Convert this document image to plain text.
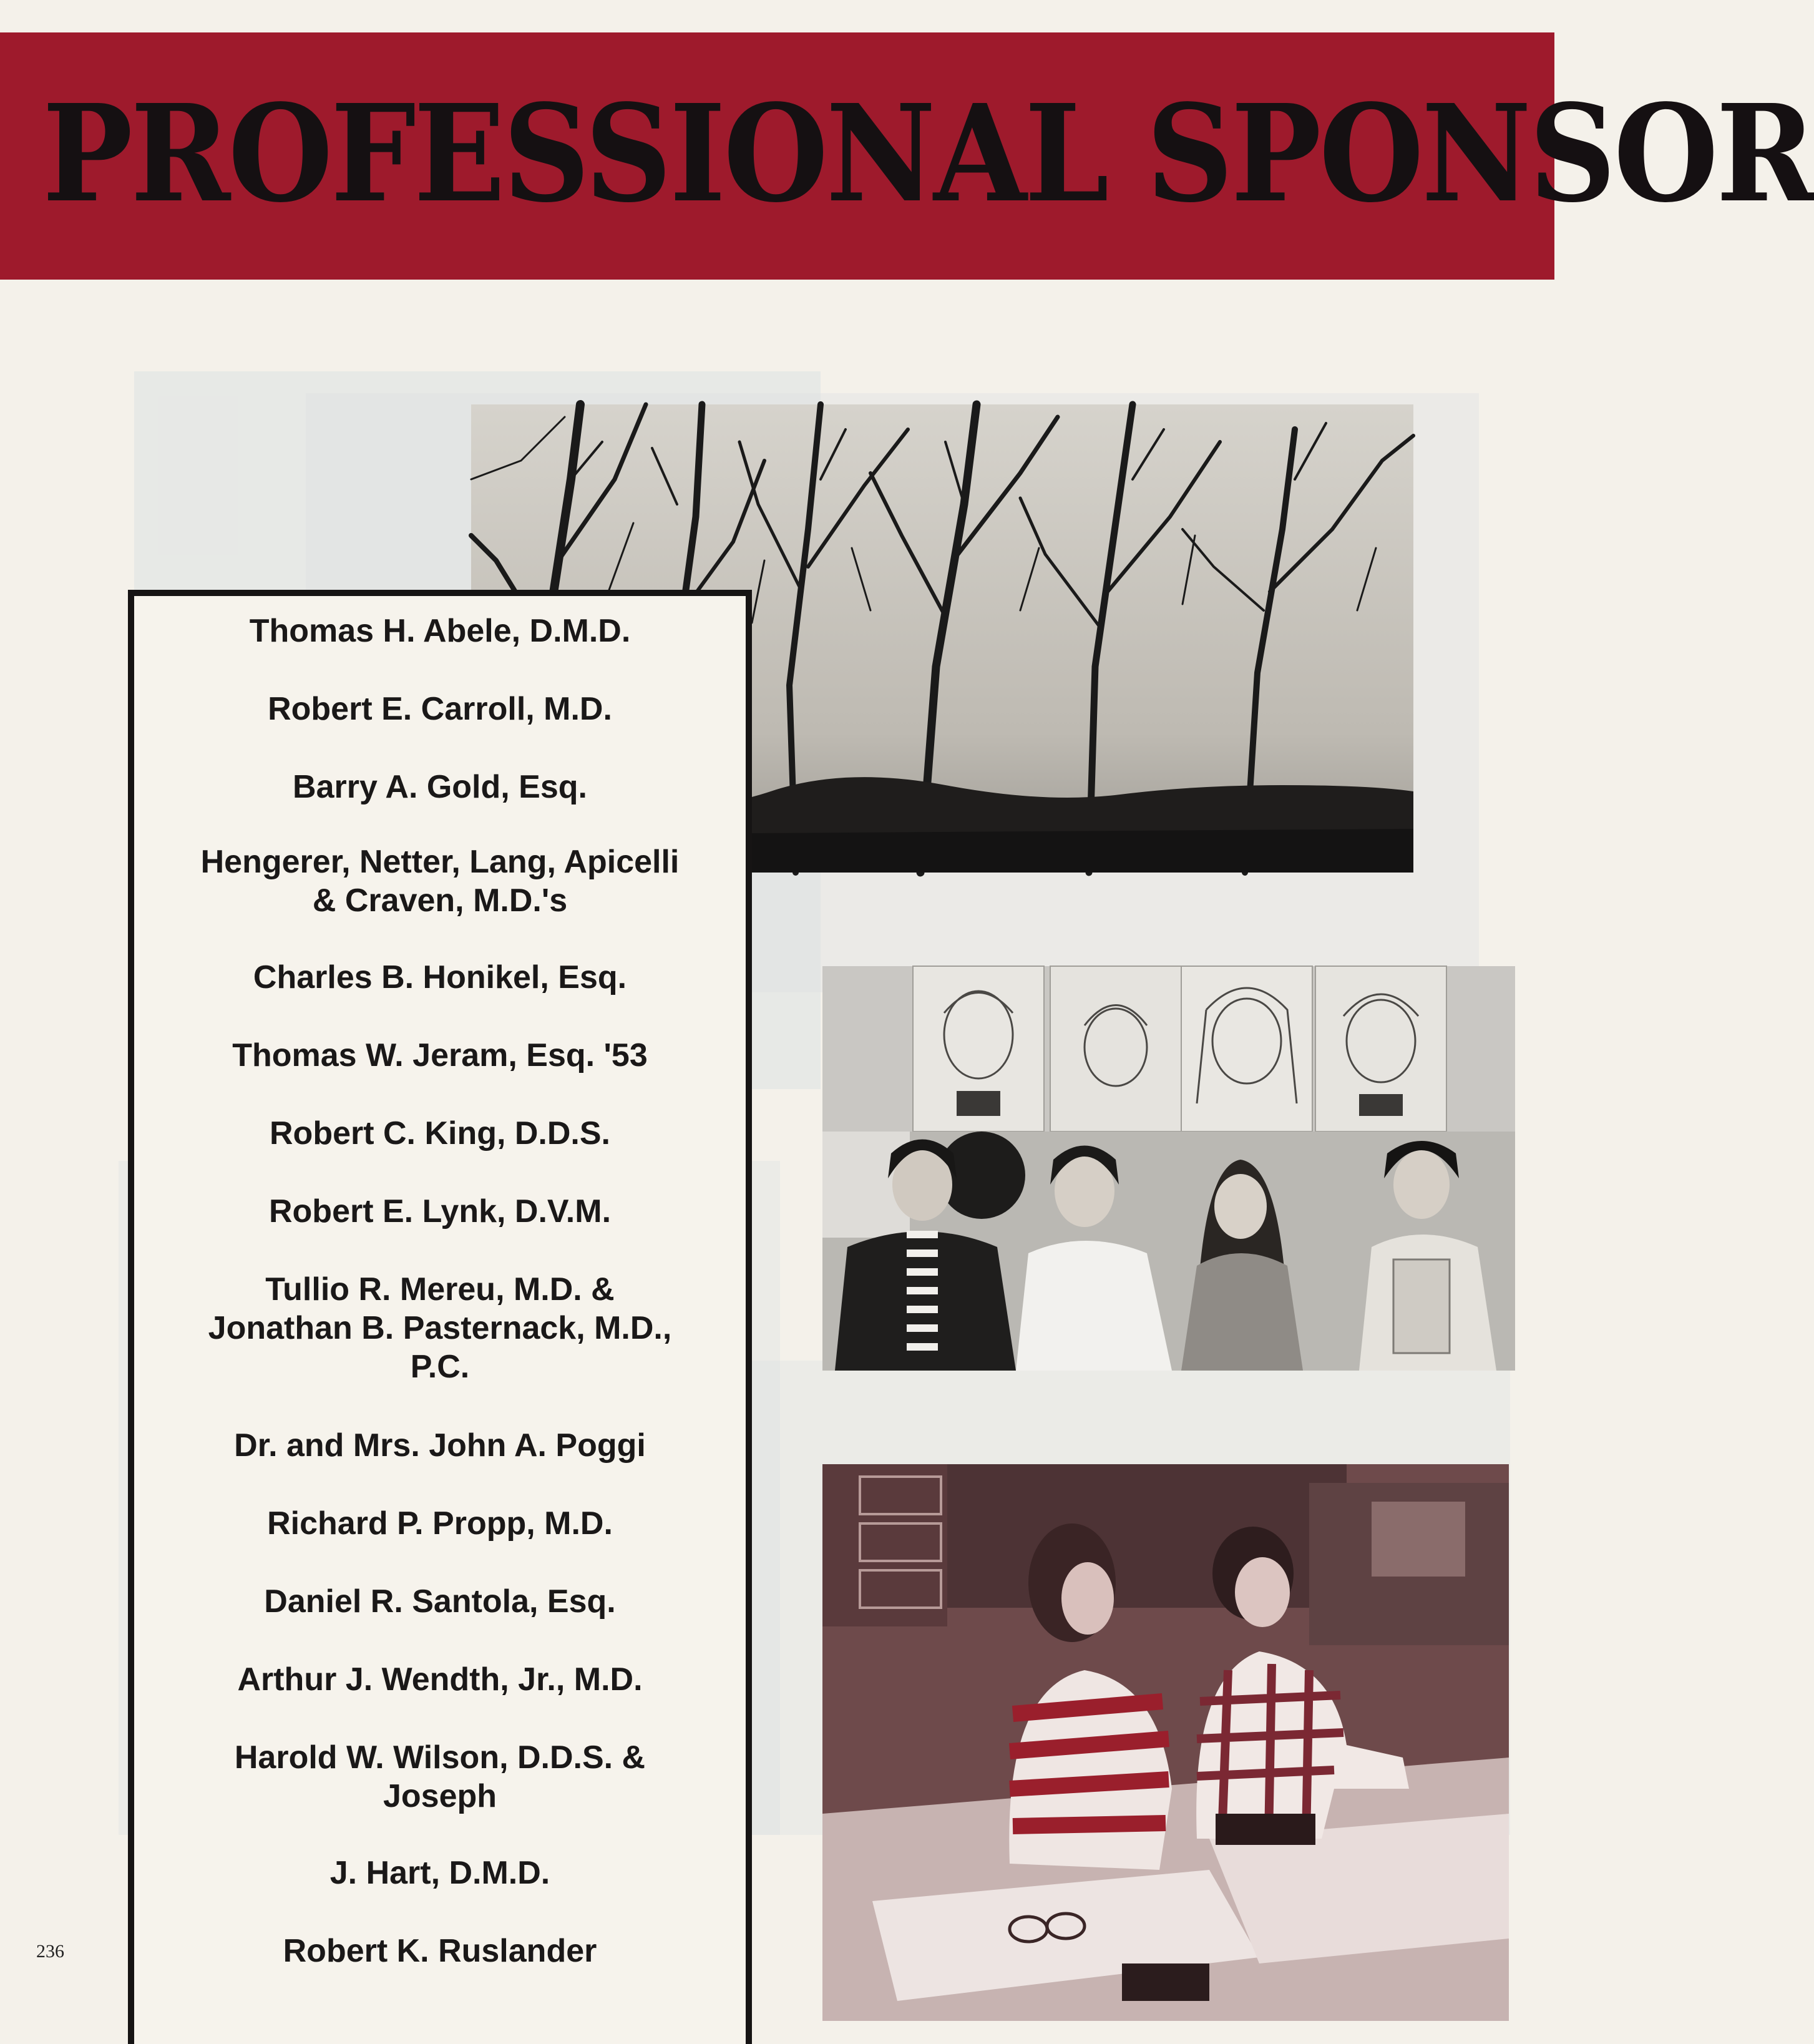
PROFESSIONAL SPONSOR
Thomas H. Abele, D.M.D.
Robert E. Carroll, M.D.
Barry A. Gold, Esq.
Hengerer, Netter, Lang, Apicelli
& Craven, M.D.'s
Charles B. Honikel, Esq.
Thomas W. Jeram, Esq. '53
Robert C. King, D.D.S.
Robert E. Lynk, D.V.M.
Tullio R. Mereu, M.D. &
Jonathan B. Pasternack, M.D.,
P.C.
Dr. and Mrs. John A. Poggi
Richard P. Propp, M.D.
Daniel R. Santola, Esq.
Arthur J. Wendth, Jr., M.D.
Harold W. Wilson, D.D.S. &
Joseph
J. Hart, D.M.D.
Robert K. Ruslander
236
